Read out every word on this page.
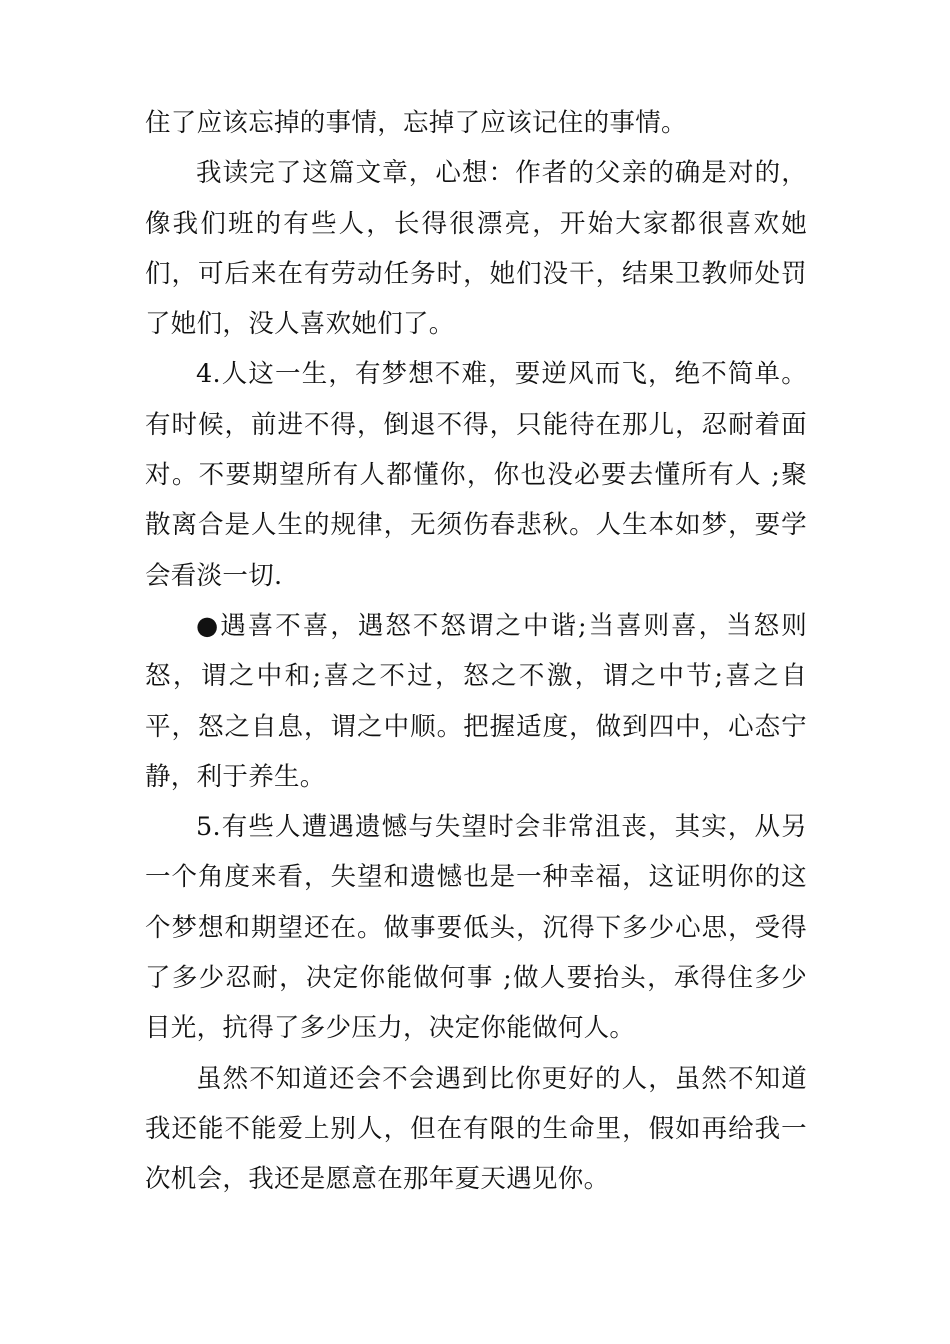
住了应该忘掉的事情，忘掉了应该记住的事情。

我读完了这篇文章，心想：作者的父亲的确是对的，像我们班的有些人，长得很漂亮，开始大家都很喜欢她们，可后来在有劳动任务时，她们没干，结果卫教师处罚了她们，没人喜欢她们了。

4.人这一生，有梦想不难，要逆风而飞，绝不简单。有时候，前进不得，倒退不得，只能待在那儿，忍耐着面对。不要期望所有人都懂你，你也没必要去懂所有人 ;聚散离合是人生的规律，无须伤春悲秋。人生本如梦，要学会看淡一切.

●遇喜不喜，遇怒不怒谓之中谐;当喜则喜，当怒则怒，谓之中和;喜之不过，怒之不激，谓之中节;喜之自平，怒之自息，谓之中顺。把握适度，做到四中，心态宁静，利于养生。

5.有些人遭遇遗憾与失望时会非常沮丧，其实，从另一个角度来看，失望和遗憾也是一种幸福，这证明你的这个梦想和期望还在。做事要低头，沉得下多少心思，受得了多少忍耐，决定你能做何事 ;做人要抬头，承得住多少目光，抗得了多少压力，决定你能做何人。

虽然不知道还会不会遇到比你更好的人，虽然不知道我还能不能爱上别人，但在有限的生命里，假如再给我一次机会，我还是愿意在那年夏天遇见你。
